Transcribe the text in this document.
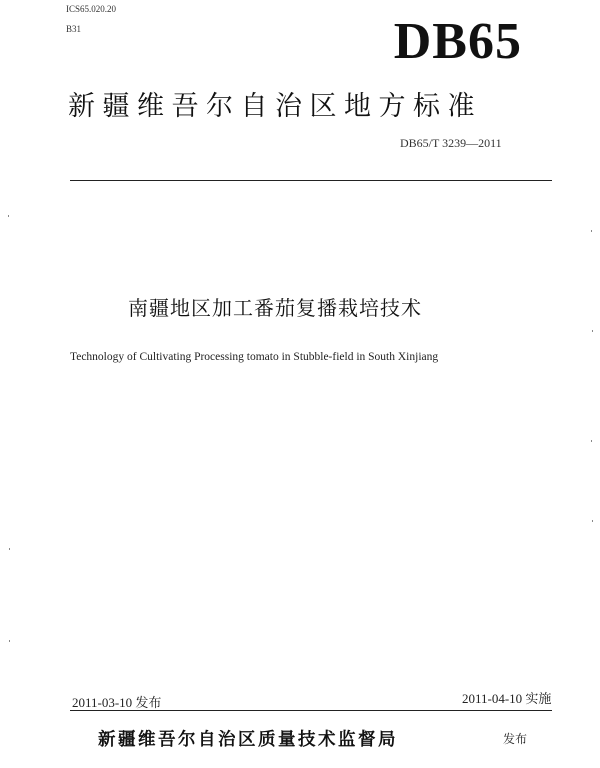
ICS65.020.20
B31	DB65
新疆维吾尔自治区地方标准
DB65/T 3239—2011
南疆地区加工番茄复播栽培技术
Technology of Cultivating Processing tomato in Stubble-field in South Xinjiang
2011-03-10 发布	2011-04-10 实施
新疆维吾尔自治区质量技术监督局	发布
